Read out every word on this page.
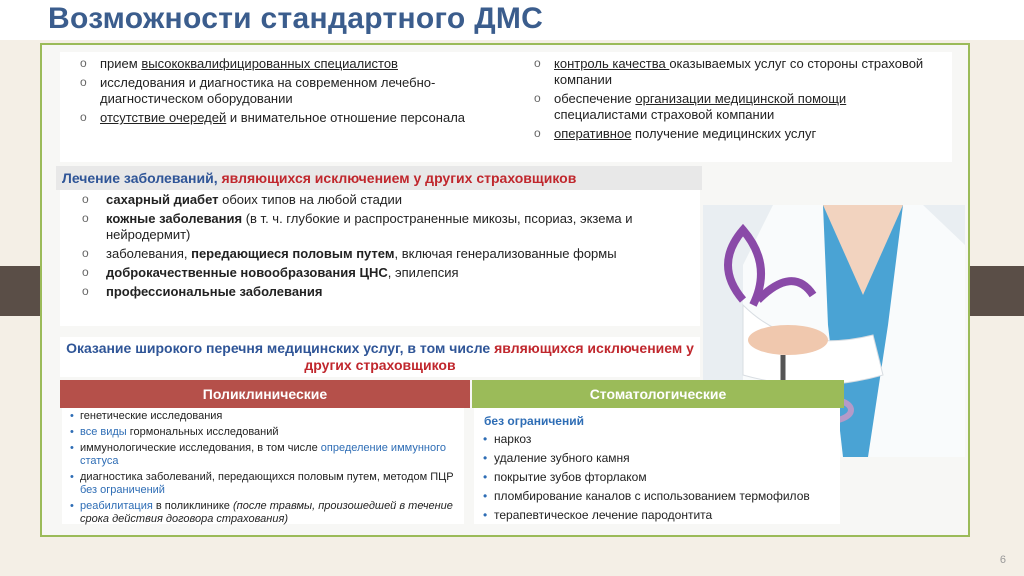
Возможности стандартного ДМС
o прием высококвалифицированных специалистов
o исследования и диагностика на современном лечебно-диагностическом оборудовании
o отсутствие очередей и внимательное отношение персонала
o контроль качества оказываемых услуг со стороны страховой компании
o обеспечение организации медицинской помощи специалистами страховой компании
o оперативное получение медицинских услуг
Лечение заболеваний, являющихся исключением у других страховщиков
o сахарный диабет обоих типов на любой стадии
o кожные заболевания (в т. ч. глубокие и распространенные микозы, псориаз, экзема и нейродермит)
o заболевания, передающиеся половым путем, включая генерализованные формы
o доброкачественные новообразования ЦНС, эпилепсия
o профессиональные заболевания
Оказание широкого перечня медицинских услуг, в том числе являющихся исключением у других страховщиков
Поликлинические	Стоматологические
• генетические исследования
• все виды гормональных исследований
• иммунологические исследования, в том числе определение иммунного статуса
• диагностика заболеваний, передающихся половым путем, методом ПЦР без ограничений
• реабилитация в поликлинике (после травмы, произошедшей в течение срока действия договора страхования)
без ограничений
• наркоз
• удаление зубного камня
• покрытие зубов фторлаком
• пломбирование каналов с использованием термофилов
• терапевтическое лечение пародонтита
6
